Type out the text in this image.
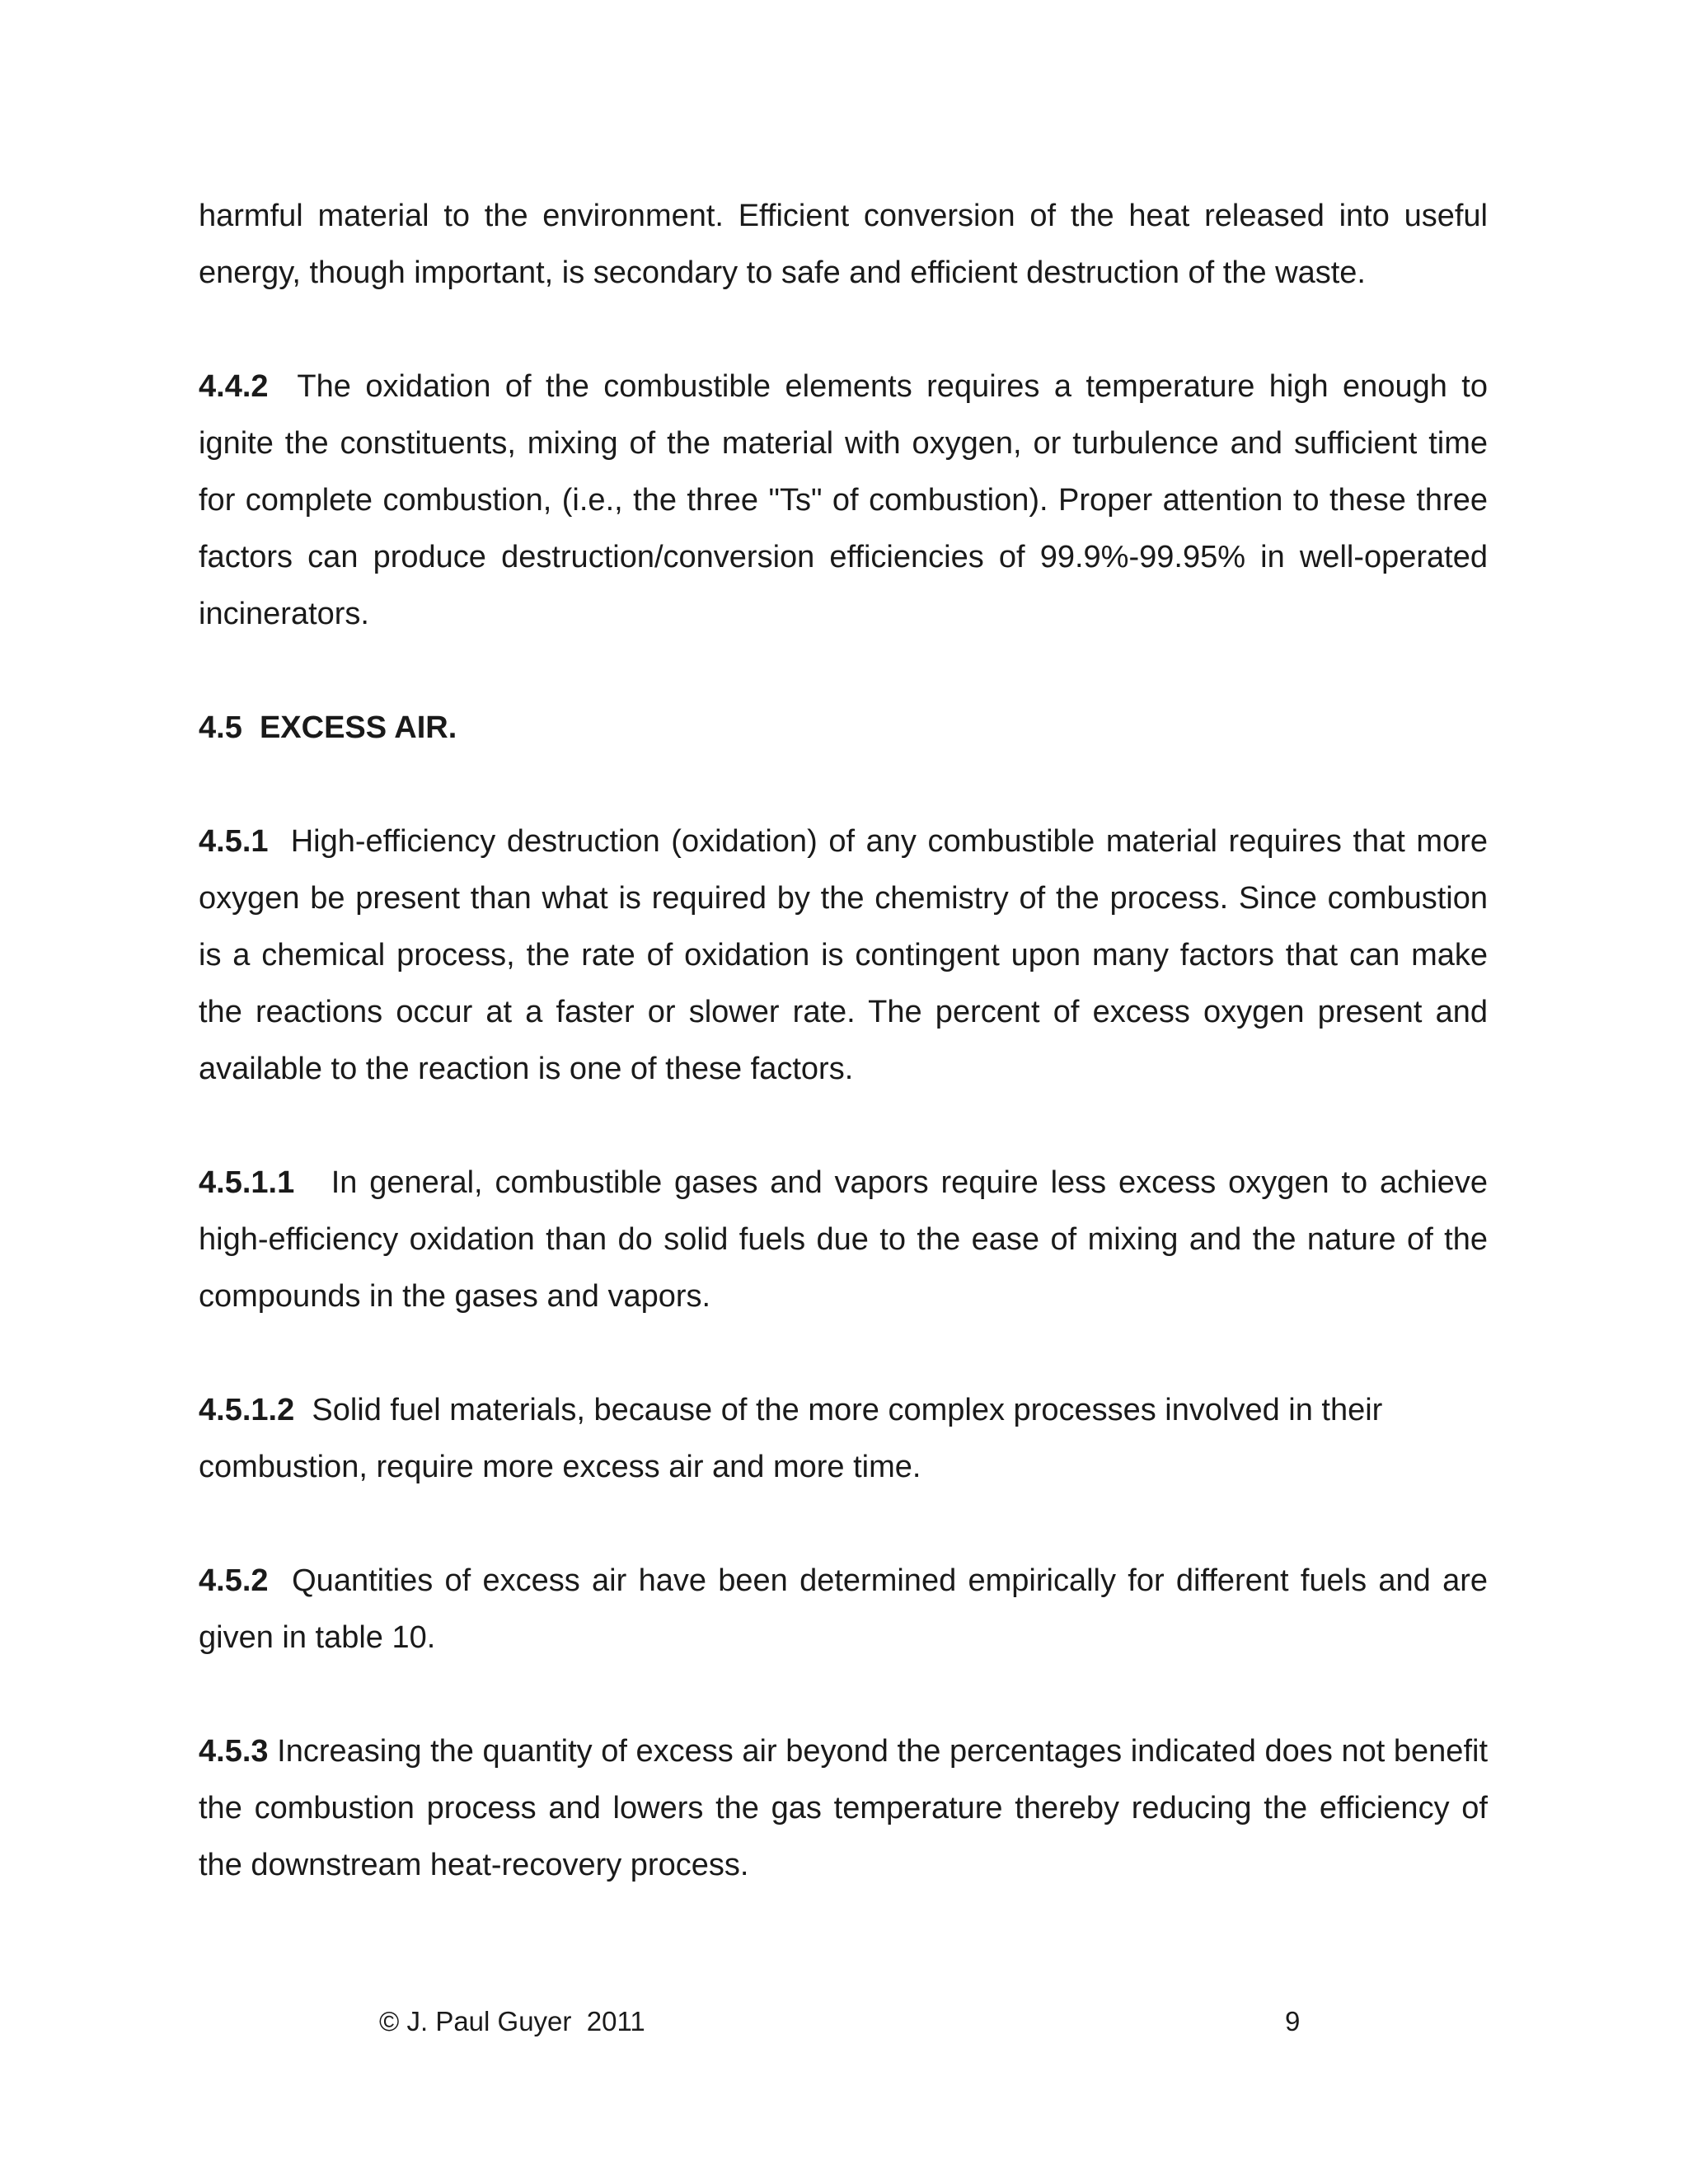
harmful material to the environment. Efficient conversion of the heat released into useful energy, though important, is secondary to safe and efficient destruction of the waste.

4.4.2 The oxidation of the combustible elements requires a temperature high enough to ignite the constituents, mixing of the material with oxygen, or turbulence and sufficient time for complete combustion, (i.e., the three "Ts" of combustion). Proper attention to these three factors can produce destruction/conversion efficiencies of 99.9%-99.95% in well-operated incinerators.

4.5  EXCESS AIR.

4.5.1 High-efficiency destruction (oxidation) of any combustible material requires that more oxygen be present than what is required by the chemistry of the process. Since combustion is a chemical process, the rate of oxidation is contingent upon many factors that can make the reactions occur at a faster or slower rate. The percent of excess oxygen present and available to the reaction is one of these factors.

4.5.1.1 In general, combustible gases and vapors require less excess oxygen to achieve high-efficiency oxidation than do solid fuels due to the ease of mixing and the nature of the compounds in the gases and vapors.

4.5.1.2 Solid fuel materials, because of the more complex processes involved in their combustion, require more excess air and more time.

4.5.2 Quantities of excess air have been determined empirically for different fuels and are given in table 10.

4.5.3 Increasing the quantity of excess air beyond the percentages indicated does not benefit the combustion process and lowers the gas temperature thereby reducing the efficiency of the downstream heat-recovery process.

© J. Paul Guyer  2011	9
